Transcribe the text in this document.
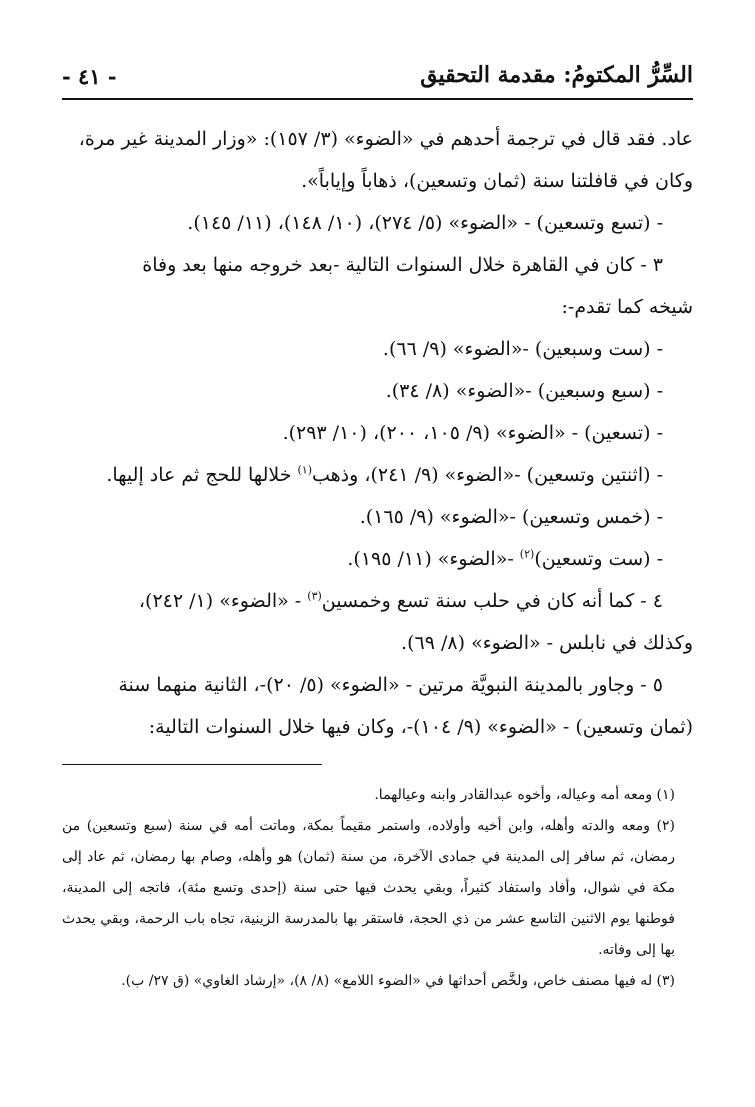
السِّرُّ المكتومُ: مقدمة التحقيق
- ٤١ -

عاد. فقد قال في ترجمة أحدهم في «الضوء» (٣/ ١٥٧): «وزار المدينة غير مرة،

وكان في قافلتنا سنة (ثمان وتسعين)، ذهاباً وإياباً».

- (تسع وتسعين) - «الضوء» (٥/ ٢٧٤)، (١٠/ ١٤٨)، (١١/ ١٤٥).

٣ - كان في القاهرة خلال السنوات التالية -بعد خروجه منها بعد وفاة

شيخه كما تقدم-:

- (ست وسبعين) -«الضوء» (٩/ ٦٦).

- (سبع وسبعين) -«الضوء» (٨/ ٣٤).

- (تسعين) - «الضوء» (٩/ ١٠٥، ٢٠٠)، (١٠/ ٢٩٣).

- (اثنتين وتسعين) -«الضوء» (٩/ ٢٤١)، وذهب$^{(١)}$ خلالها للحج ثم عاد إليها.

- (خمس وتسعين) -«الضوء» (٩/ ١٦٥).

- (ست وتسعين)$^{(٢)}$ -«الضوء» (١١/ ١٩٥).

٤ - كما أنه كان في حلب سنة تسع وخمسين$^{(٣)}$ - «الضوء» (١/ ٢٤٢)،

وكذلك في نابلس - «الضوء» (٨/ ٦٩).

٥ - وجاور بالمدينة النبويَّة مرتين - «الضوء» (٥/ ٢٠)-، الثانية منهما سنة

(ثمان وتسعين) - «الضوء» (٩/ ١٠٤)-، وكان فيها خلال السنوات التالية:

(١) ومعه أمه وعياله، وأخوه عبدالقادر وابنه وعيالهما.

(٢) ومعه والدته وأهله، وابن أخيه وأولاده، واستمر مقيماً بمكة، وماتت أمه في سنة (سبع وتسعين) من رمضان، ثم سافر إلى المدينة في جمادى الآخرة، من سنة (ثمان) هو وأهله، وصام بها رمضان، ثم عاد إلى مكة في شوال، وأفاد واستفاد كثيراً، وبقي يحدث فيها حتى سنة (إحدى وتسع مئة)، فاتجه إلى المدينة، فوطنها يوم الاثنين التاسع عشر من ذي الحجة، فاستقر بها بالمدرسة الزينية، تجاه باب الرحمة، وبقي يحدث بها إلى وفاته.

(٣) له فيها مصنف خاص، ولخَّص أحداثها في «الضوء اللامع» (٨/ ٨)، «إرشاد الغاوي» (ق ٢٧/ ب).
